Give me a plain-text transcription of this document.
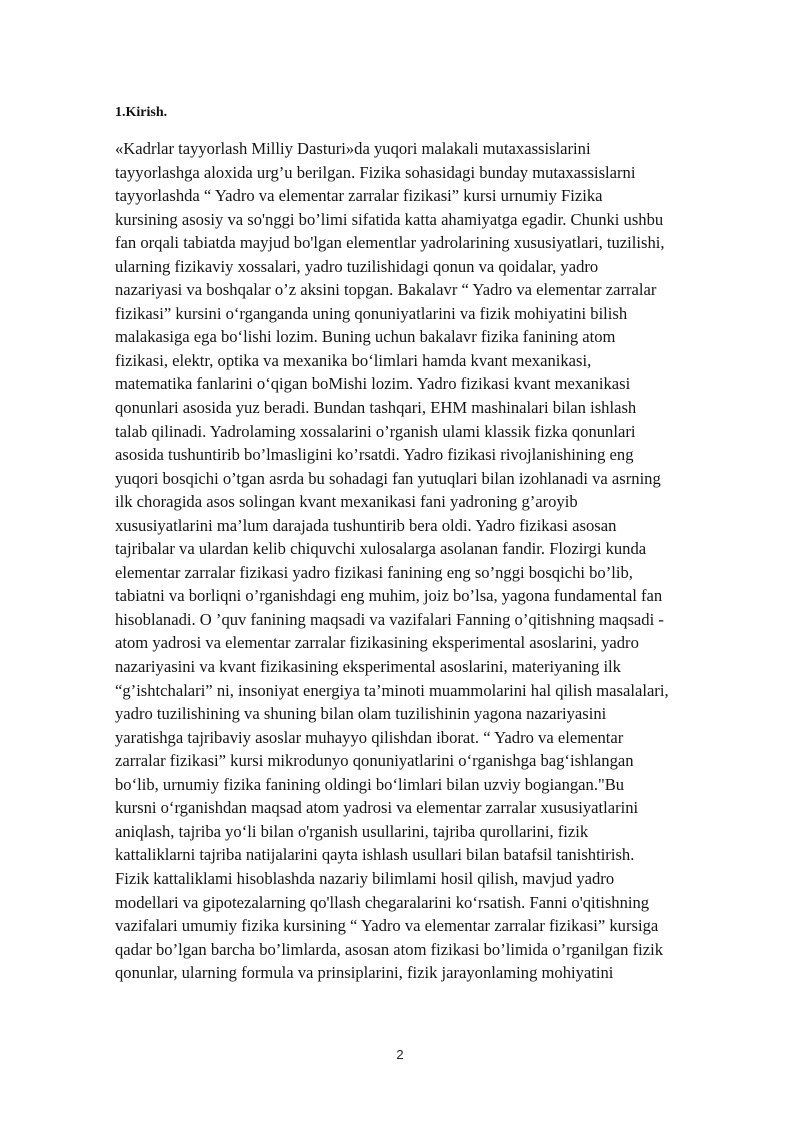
1.Kirish.
«Kadrlar tayyorlash Milliy Dasturi»da yuqori malakali mutaxassislarini
tayyorlashga aloxida urg’u berilgan. Fizika sohasidagi bunday mutaxassislarni
tayyorlashda “ Yadro va elementar zarralar fizikasi” kursi urnumiy Fizika
kursining asosiy va so'nggi bo’limi sifatida katta ahamiyatga egadir. Chunki ushbu
fan orqali tabiatda mayjud bo'lgan elementlar yadrolarining xususiyatlari, tuzilishi,
ularning fizikaviy xossalari, yadro tuzilishidagi qonun va qoidalar, yadro
nazariyasi va boshqalar o’z aksini topgan. Bakalavr “ Yadro va elementar zarralar
fizikasi” kursini o‘rganganda uning qonuniyatlarini va fizik mohiyatini bilish
malakasiga ega bo‘lishi lozim. Buning uchun bakalavr fizika fanining atom
fizikasi, elektr, optika va mexanika bo‘limlari hamda kvant mexanikasi,
matematika fanlarini o‘qigan boMishi lozim. Yadro fizikasi kvant mexanikasi
qonunlari asosida yuz beradi. Bundan tashqari, EHM mashinalari bilan ishlash
talab qilinadi. Yadrolaming xossalarini o’rganish ulami klassik fizka qonunlari
asosida tushuntirib bo’lmasligini ko’rsatdi. Yadro fizikasi rivojlanishining eng
yuqori bosqichi o’tgan asrda bu sohadagi fan yutuqlari bilan izohlanadi va asrning
ilk choragida asos solingan kvant mexanikasi fani yadroning g’aroyib
xususiyatlarini ma’lum darajada tushuntirib bera oldi. Yadro fizikasi asosan
tajribalar va ulardan kelib chiquvchi xulosalarga asolanan fandir. Flozirgi kunda
elementar zarralar fizikasi yadro fizikasi fanining eng so’nggi bosqichi bo’lib,
tabiatni va borliqni o’rganishdagi eng muhim, joiz bo’lsa, yagona fundamental fan
hisoblanadi. O ’quv fanining maqsadi va vazifalari Fanning o’qitishning maqsadi -
atom yadrosi va elementar zarralar fizikasining eksperimental asoslarini, yadro
nazariyasini va kvant fizikasining eksperimental asoslarini, materiyaning ilk
“g’ishtchalari” ni, insoniyat energiya ta’minoti muammolarini hal qilish masalalari,
yadro tuzilishining va shuning bilan olam tuzilishinin yagona nazariyasini
yaratishga tajribaviy asoslar muhayyo qilishdan iborat. “ Yadro va elementar
zarralar fizikasi” kursi mikrodunyo qonuniyatlarini o‘rganishga bag‘ishlangan
bo‘lib, urnumiy fizika fanining oldingi bo‘limlari bilan uzviy bogiangan."Bu
kursni o‘rganishdan maqsad atom yadrosi va elementar zarralar xususiyatlarini
aniqlash, tajriba yo‘li bilan o'rganish usullarini, tajriba qurollarini, fizik
kattaliklarni tajriba natijalarini qayta ishlash usullari bilan batafsil tanishtirish.
Fizik kattaliklami hisoblashda nazariy bilimlami hosil qilish, mavjud yadro
modellari va gipotezalarning qo'llash chegaralarini ko‘rsatish. Fanni o'qitishning
vazifalari umumiy fizika kursining “ Yadro va elementar zarralar fizikasi” kursiga
qadar bo’lgan barcha bo’limlarda, asosan atom fizikasi bo’limida o’rganilgan fizik
qonunlar, ularning formula va prinsiplarini, fizik jarayonlaming mohiyatini
2
